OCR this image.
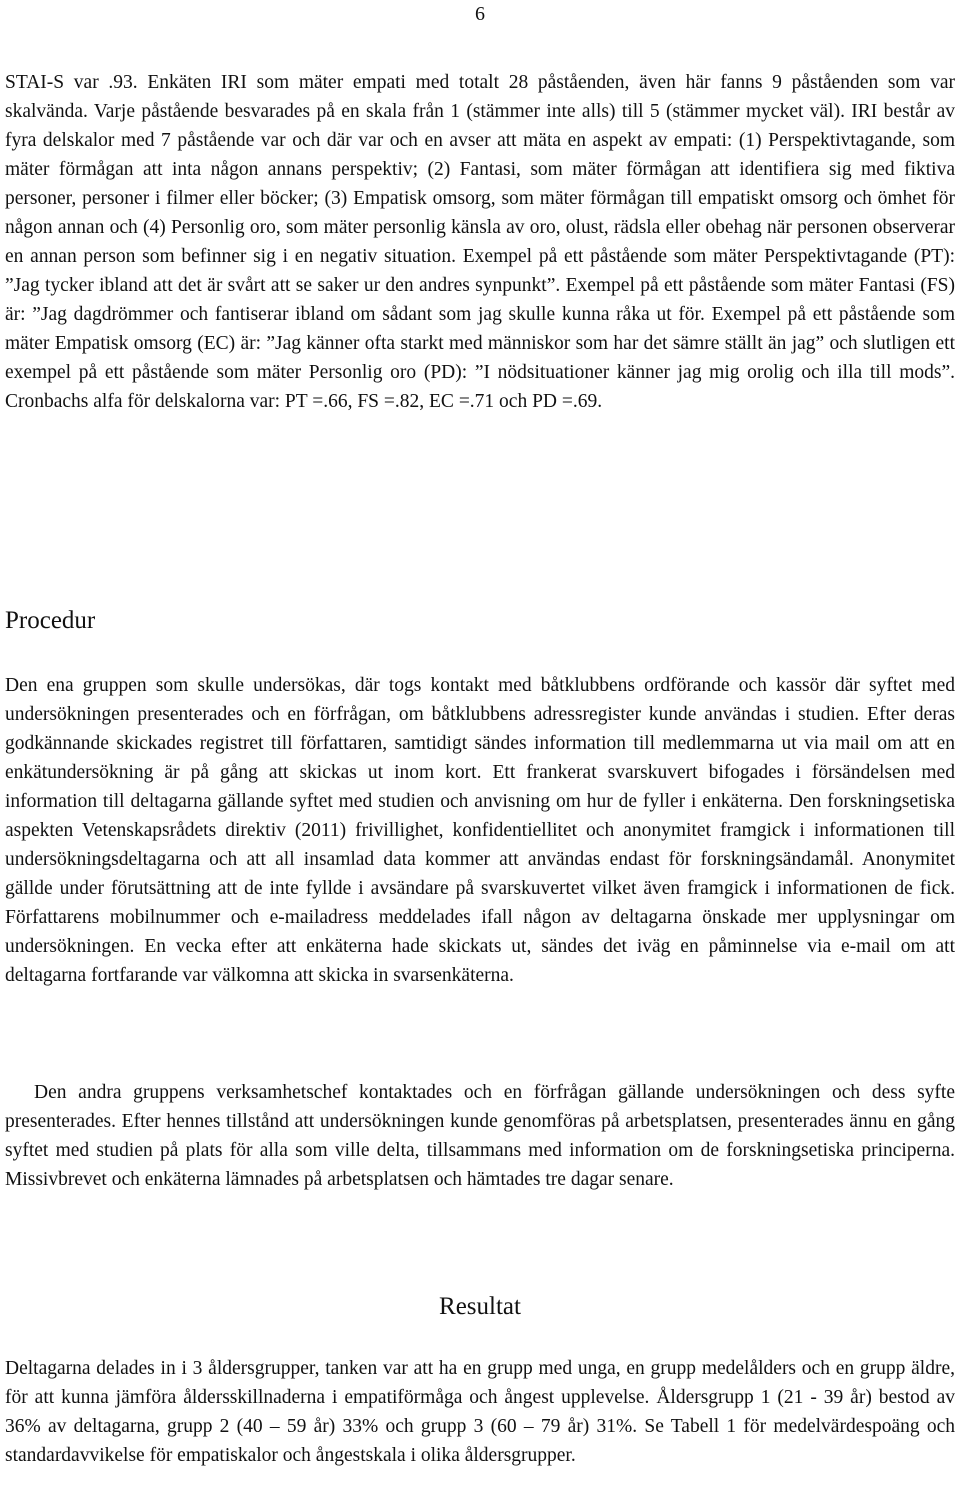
6

STAI-S var .93. Enkäten IRI som mäter empati med totalt 28 påståenden, även här fanns 9 påståenden som var skalvända. Varje påstående besvarades på en skala från 1 (stämmer inte alls) till 5 (stämmer mycket väl). IRI består av fyra delskalor med 7 påstående var och där var och en avser att mäta en aspekt av empati: (1) Perspektivtagande, som mäter förmågan att inta någon annans perspektiv; (2) Fantasi, som mäter förmågan att identifiera sig med fiktiva personer, personer i filmer eller böcker; (3) Empatisk omsorg, som mäter förmågan till empatiskt omsorg och ömhet för någon annan och (4) Personlig oro, som mäter personlig känsla av oro, olust, rädsla eller obehag när personen observerar en annan person som befinner sig i en negativ situation. Exempel på ett påstående som mäter Perspektivtagande (PT): ”Jag tycker ibland att det är svårt att se saker ur den andres synpunkt”. Exempel på ett påstående som mäter Fantasi (FS) är: ”Jag dagdrömmer och fantiserar ibland om sådant som jag skulle kunna råka ut för. Exempel på ett påstående som mäter Empatisk omsorg (EC) är: ”Jag känner ofta starkt med människor som har det sämre ställt än jag” och slutligen ett exempel på ett påstående som mäter Personlig oro (PD): ”I nödsituationer känner jag mig orolig och illa till mods”. Cronbachs alfa för delskalorna var: PT =.66, FS =.82, EC =.71 och PD =.69.

Procedur

Den ena gruppen som skulle undersökas, där togs kontakt med båtklubbens ordförande och kassör där syftet med undersökningen presenterades och en förfrågan, om båtklubbens adressregister kunde användas i studien. Efter deras godkännande skickades registret till författaren, samtidigt sändes information till medlemmarna ut via mail om att en enkätundersökning är på gång att skickas ut inom kort. Ett frankerat svarskuvert bifogades i försändelsen med information till deltagarna gällande syftet med studien och anvisning om hur de fyller i enkäterna. Den forskningsetiska aspekten Vetenskapsrådets direktiv (2011) frivillighet, konfidentiellitet och anonymitet framgick i informationen till undersökningsdeltagarna och att all insamlad data kommer att användas endast för forskningsändamål. Anonymitet gällde under förutsättning att de inte fyllde i avsändare på svarskuvertet vilket även framgick i informationen de fick. Författarens mobilnummer och e-mailadress meddelades ifall någon av deltagarna önskade mer upplysningar om undersökningen. En vecka efter att enkäterna hade skickats ut, sändes det iväg en påminnelse via e-mail om att deltagarna fortfarande var välkomna att skicka in svarsenkäterna.

Den andra gruppens verksamhetschef kontaktades och en förfrågan gällande undersökningen och dess syfte presenterades. Efter hennes tillstånd att undersökningen kunde genomföras på arbetsplatsen, presenterades ännu en gång syftet med studien på plats för alla som ville delta, tillsammans med information om de forskningsetiska principerna. Missivbrevet och enkäterna lämnades på arbetsplatsen och hämtades tre dagar senare.

Resultat

Deltagarna delades in i 3 åldersgrupper, tanken var att ha en grupp med unga, en grupp medelålders och en grupp äldre, för att kunna jämföra åldersskillnaderna i empatiförmåga och ångest upplevelse. Åldersgrupp 1 (21 - 39 år) bestod av 36% av deltagarna, grupp 2 (40 – 59 år) 33% och grupp 3 (60 – 79 år) 31%. Se Tabell 1 för medelvärdespoäng och standardavvikelse för empatiskalor och ångestskala i olika åldersgrupper.
